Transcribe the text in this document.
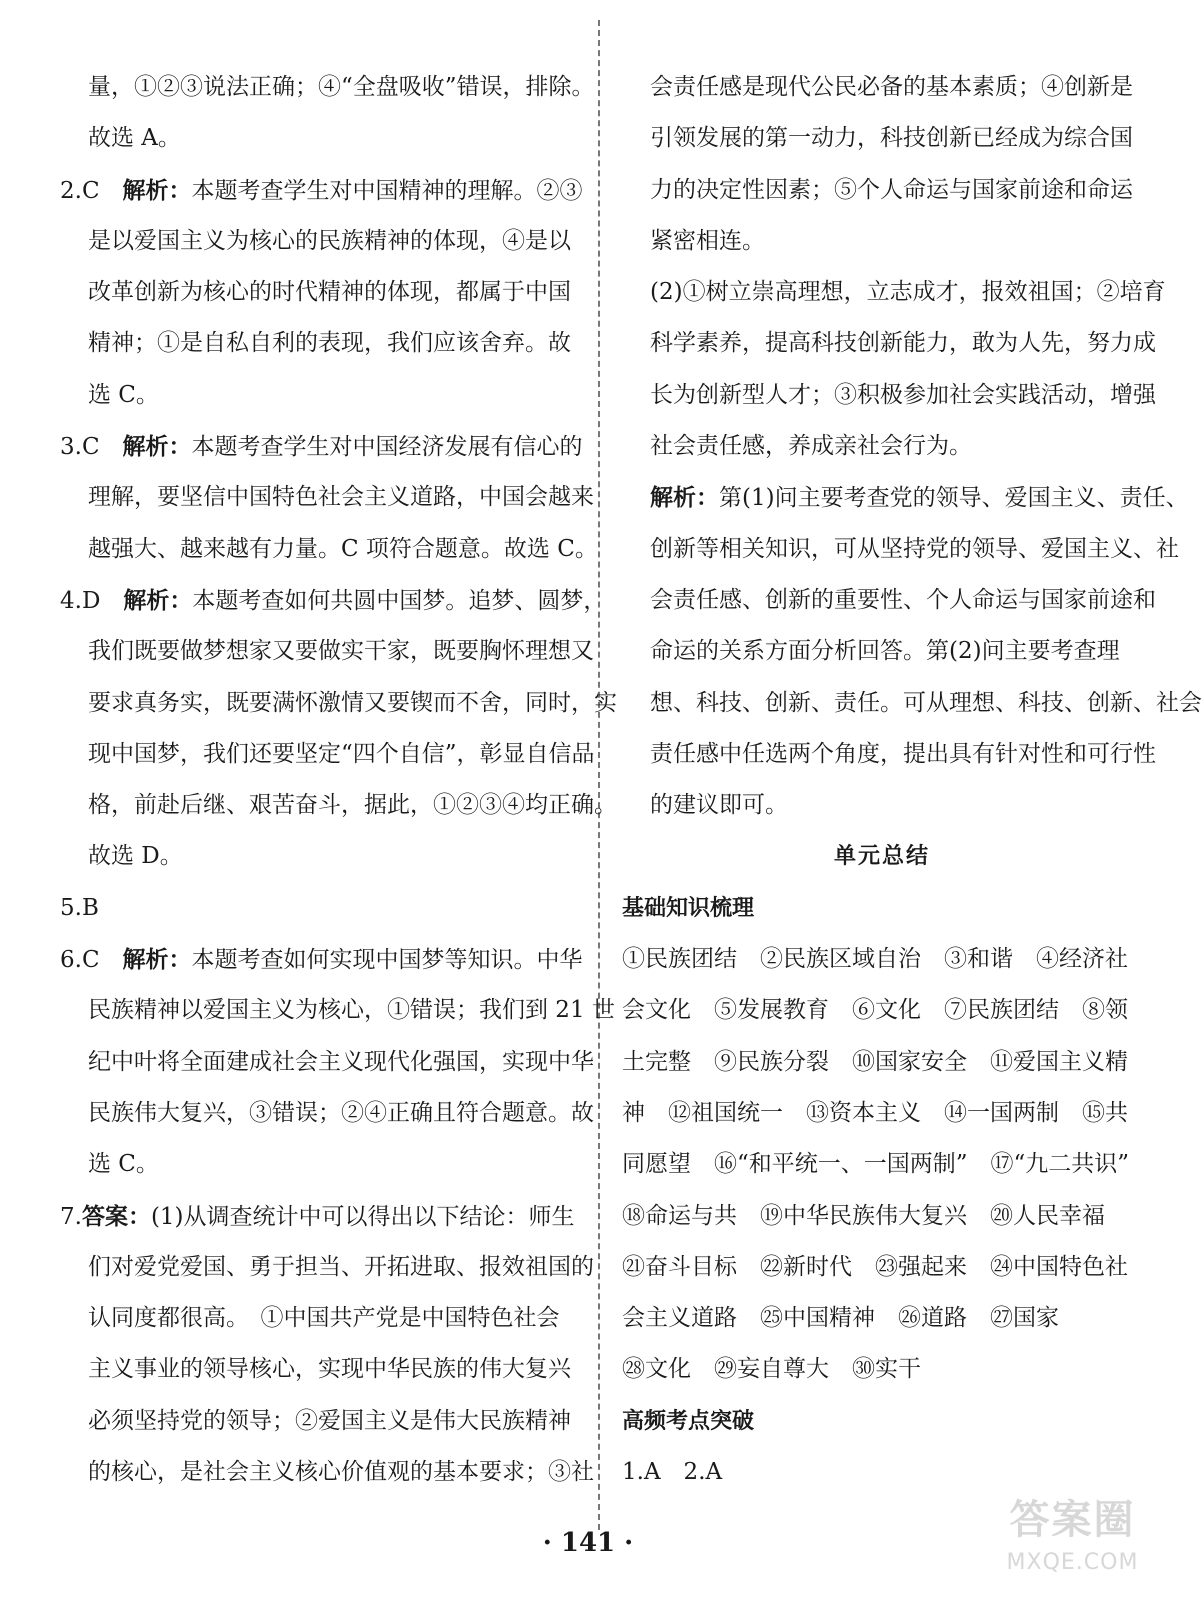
量，①②③说法正确；④“全盘吸收”错误，排除。
故选 A。
2.C　解析：本题考查学生对中国精神的理解。②③
是以爱国主义为核心的民族精神的体现，④是以
改革创新为核心的时代精神的体现，都属于中国
精神；①是自私自利的表现，我们应该舍弃。故
选 C。
3.C　解析：本题考查学生对中国经济发展有信心的
理解，要坚信中国特色社会主义道路，中国会越来
越强大、越来越有力量。C 项符合题意。故选 C。
4.D　解析：本题考查如何共圆中国梦。追梦、圆梦，
我们既要做梦想家又要做实干家，既要胸怀理想又
要求真务实，既要满怀激情又要锲而不舍，同时，实
现中国梦，我们还要坚定“四个自信”，彰显自信品
格，前赴后继、艰苦奋斗，据此，①②③④均正确。
故选 D。
5.B
6.C　解析：本题考查如何实现中国梦等知识。中华
民族精神以爱国主义为核心，①错误；我们到 21 世
纪中叶将全面建成社会主义现代化强国，实现中华
民族伟大复兴，③错误；②④正确且符合题意。故
选 C。
7.答案：(1)从调查统计中可以得出以下结论：师生
们对爱党爱国、勇于担当、开拓进取、报效祖国的
认同度都很高。　①中国共产党是中国特色社会
主义事业的领导核心，实现中华民族的伟大复兴
必须坚持党的领导；②爱国主义是伟大民族精神
的核心，是社会主义核心价值观的基本要求；③社
会责任感是现代公民必备的基本素质；④创新是
引领发展的第一动力，科技创新已经成为综合国
力的决定性因素；⑤个人命运与国家前途和命运
紧密相连。
(2)①树立崇高理想，立志成才，报效祖国；②培育
科学素养，提高科技创新能力，敢为人先，努力成
长为创新型人才；③积极参加社会实践活动，增强
社会责任感，养成亲社会行为。
解析：第(1)问主要考查党的领导、爱国主义、责任、
创新等相关知识，可从坚持党的领导、爱国主义、社
会责任感、创新的重要性、个人命运与国家前途和
命运的关系方面分析回答。第(2)问主要考查理
想、科技、创新、责任。可从理想、科技、创新、社会
责任感中任选两个角度，提出具有针对性和可行性
的建议即可。
单元总结
基础知识梳理
①民族团结　②民族区域自治　③和谐　④经济社
会文化　⑤发展教育　⑥文化　⑦民族团结　⑧领
土完整　⑨民族分裂　⑩国家安全　⑪爱国主义精
神　⑫祖国统一　⑬资本主义　⑭一国两制　⑮共
同愿望　⑯“和平统一、一国两制”　⑰“九二共识”
⑱命运与共　⑲中华民族伟大复兴　⑳人民幸福
㉑奋斗目标　㉒新时代　㉓强起来　㉔中国特色社
会主义道路　㉕中国精神　㉖道路　㉗国家
㉘文化　㉙妄自尊大　㉚实干
高频考点突破
1.A　2.A
· 141 ·	答案圈
MXQE.COM
